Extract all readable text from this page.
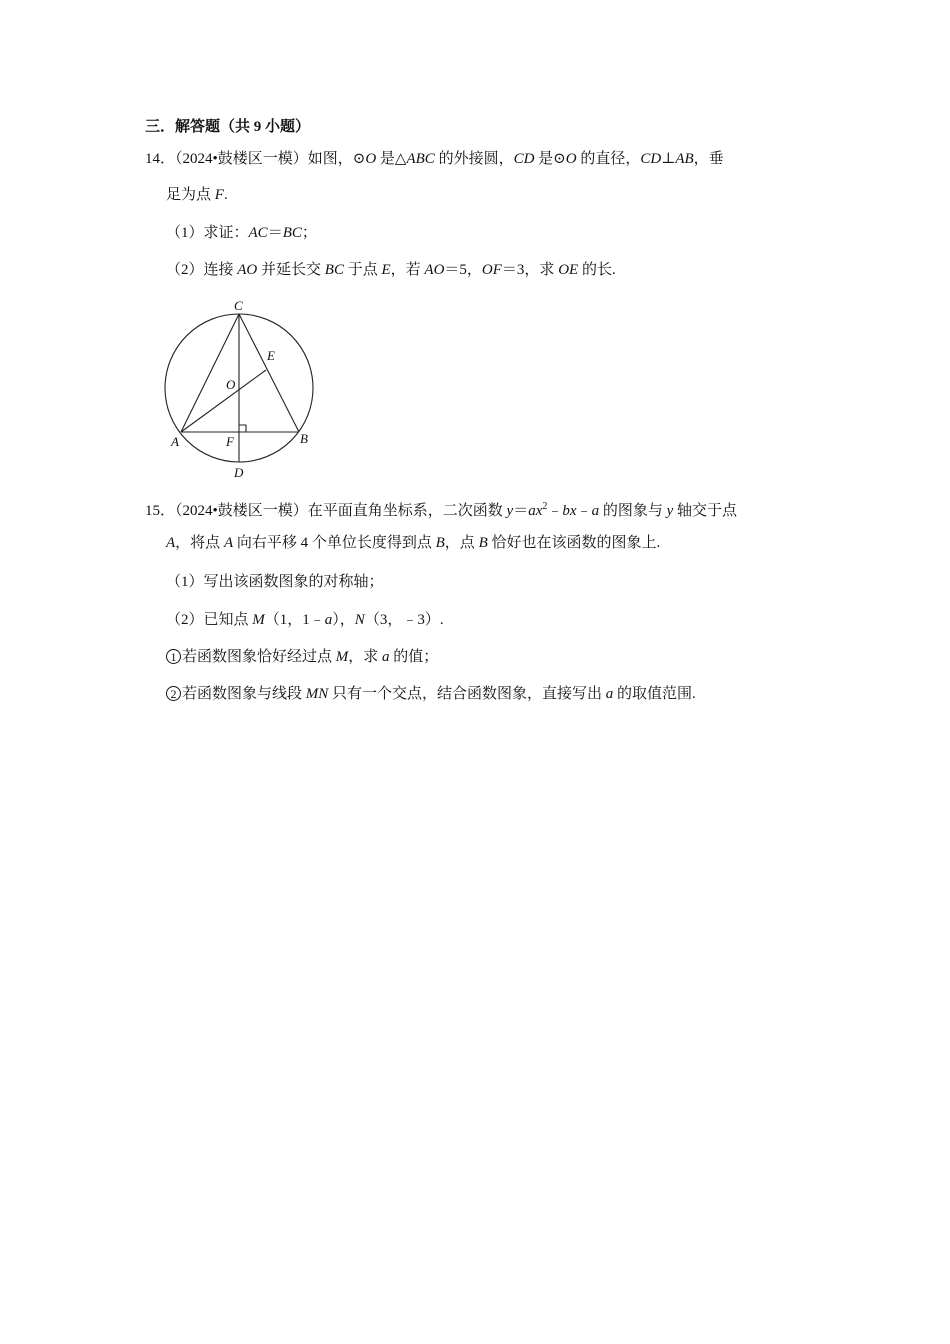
三．解答题（共 9 小题）
14．（2024•鼓楼区一模）如图，⊙O 是△ABC 的外接圆，CD 是⊙O 的直径，CD⊥AB，垂
足为点 F.
（1）求证：AC＝BC；
（2）连接 AO 并延长交 BC 于点 E，若 AO＝5，OF＝3，求 OE 的长.
C
E
O
A	F	B
D
15．（2024•鼓楼区一模）在平面直角坐标系，二次函数 $y=ax^2﹣bx﹣a$ 的图象与 y 轴交于点
A，将点 A 向右平移 4 个单位长度得到点 B，点 B 恰好也在该函数的图象上.
（1）写出该函数图象的对称轴；
（2）已知点 M（1，1﹣a），N（3，﹣3）.
1 若函数图象恰好经过点 M，求 a 的值；
2 若函数图象与线段 MN 只有一个交点，结合函数图象，直接写出 a 的取值范围.
